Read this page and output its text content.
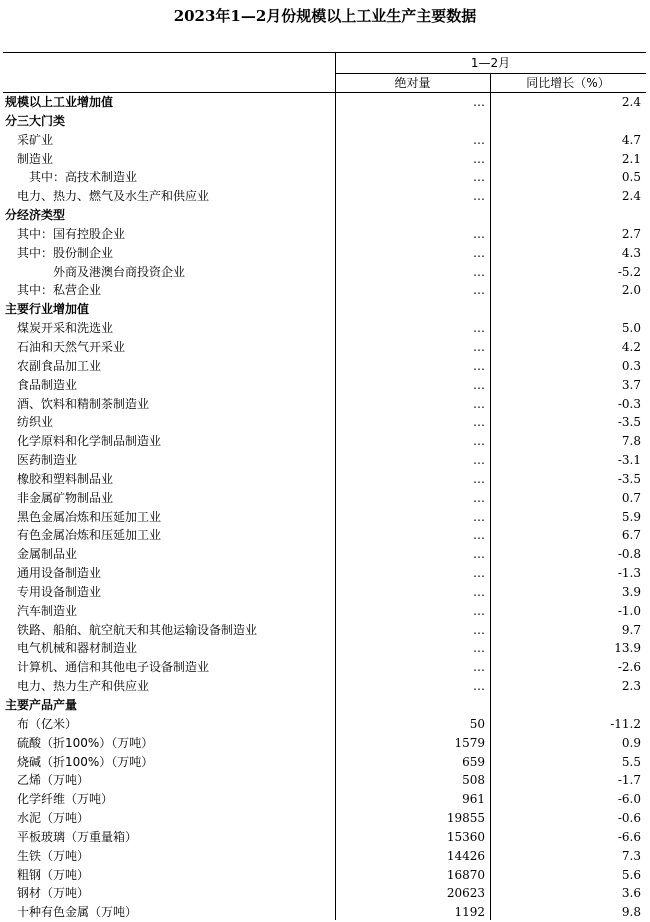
2023年1—2月份规模以上工业生产主要数据
1—2月
绝对量	同比增长（%）
规模以上工业增加值	…	2.4
分三大门类
采矿业	…	4.7
制造业	…	2.1
其中：高技术制造业	…	0.5
电力、热力、燃气及水生产和供应业	…	2.4
分经济类型
其中：国有控股企业	…	2.7
其中：股份制企业	…	4.3
外商及港澳台商投资企业	…	-5.2
其中：私营企业	…	2.0
主要行业增加值
煤炭开采和洗选业	…	5.0
石油和天然气开采业	…	4.2
农副食品加工业	…	0.3
食品制造业	…	3.7
酒、饮料和精制茶制造业	…	-0.3
纺织业	…	-3.5
化学原料和化学制品制造业	…	7.8
医药制造业	…	-3.1
橡胶和塑料制品业	…	-3.5
非金属矿物制品业	…	0.7
黑色金属冶炼和压延加工业	…	5.9
有色金属冶炼和压延加工业	…	6.7
金属制品业	…	-0.8
通用设备制造业	…	-1.3
专用设备制造业	…	3.9
汽车制造业	…	-1.0
铁路、船舶、航空航天和其他运输设备制造业	…	9.7
电气机械和器材制造业	…	13.9
计算机、通信和其他电子设备制造业	…	-2.6
电力、热力生产和供应业	…	2.3
主要产品产量
布（亿米）	50	-11.2
硫酸（折100%）（万吨）	1579	0.9
烧碱（折100%）（万吨）	659	5.5
乙烯（万吨）	508	-1.7
化学纤维（万吨）	961	-6.0
水泥（万吨）	19855	-0.6
平板玻璃（万重量箱）	15360	-6.6
生铁（万吨）	14426	7.3
粗钢（万吨）	16870	5.6
钢材（万吨）	20623	3.6
十种有色金属（万吨）	1192	9.8
